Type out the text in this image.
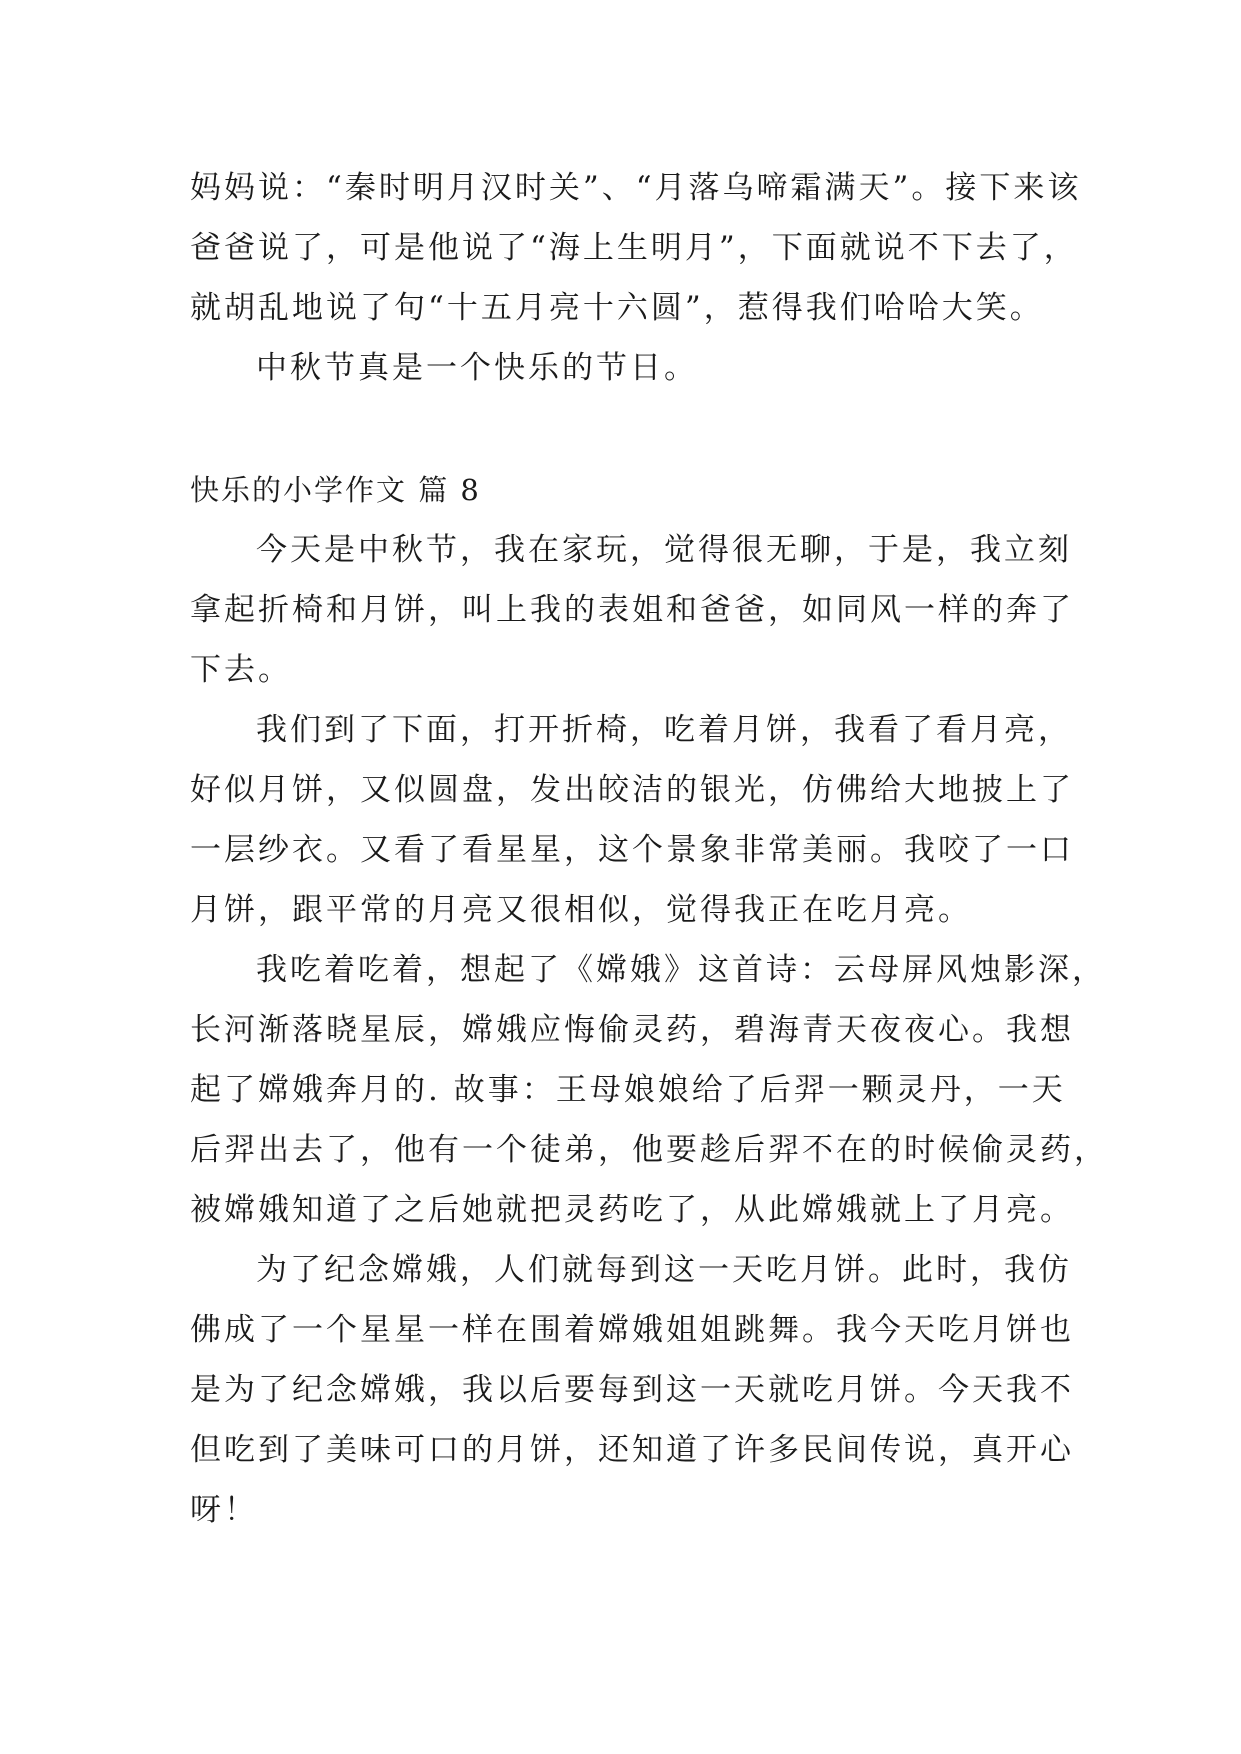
妈妈说：“秦时明月汉时关”、“月落乌啼霜满天”。接下来该
爸爸说了，可是他说了“海上生明月”，下面就说不下去了，
就胡乱地说了句“十五月亮十六圆”，惹得我们哈哈大笑。
中秋节真是一个快乐的节日。
快乐的小学作文 篇 8
今天是中秋节，我在家玩，觉得很无聊，于是，我立刻
拿起折椅和月饼，叫上我的表姐和爸爸，如同风一样的奔了
下去。
我们到了下面，打开折椅，吃着月饼，我看了看月亮，
好似月饼，又似圆盘，发出皎洁的银光，仿佛给大地披上了
一层纱衣。又看了看星星，这个景象非常美丽。我咬了一口
月饼，跟平常的月亮又很相似，觉得我正在吃月亮。
我吃着吃着，想起了《嫦娥》这首诗：云母屏风烛影深，
长河渐落晓星辰，嫦娥应悔偷灵药，碧海青天夜夜心。我想
起了嫦娥奔月的. 故事：王母娘娘给了后羿一颗灵丹，一天
后羿出去了，他有一个徒弟，他要趁后羿不在的时候偷灵药，
被嫦娥知道了之后她就把灵药吃了，从此嫦娥就上了月亮。
为了纪念嫦娥，人们就每到这一天吃月饼。此时，我仿
佛成了一个星星一样在围着嫦娥姐姐跳舞。我今天吃月饼也
是为了纪念嫦娥，我以后要每到这一天就吃月饼。今天我不
但吃到了美味可口的月饼，还知道了许多民间传说，真开心
呀！
